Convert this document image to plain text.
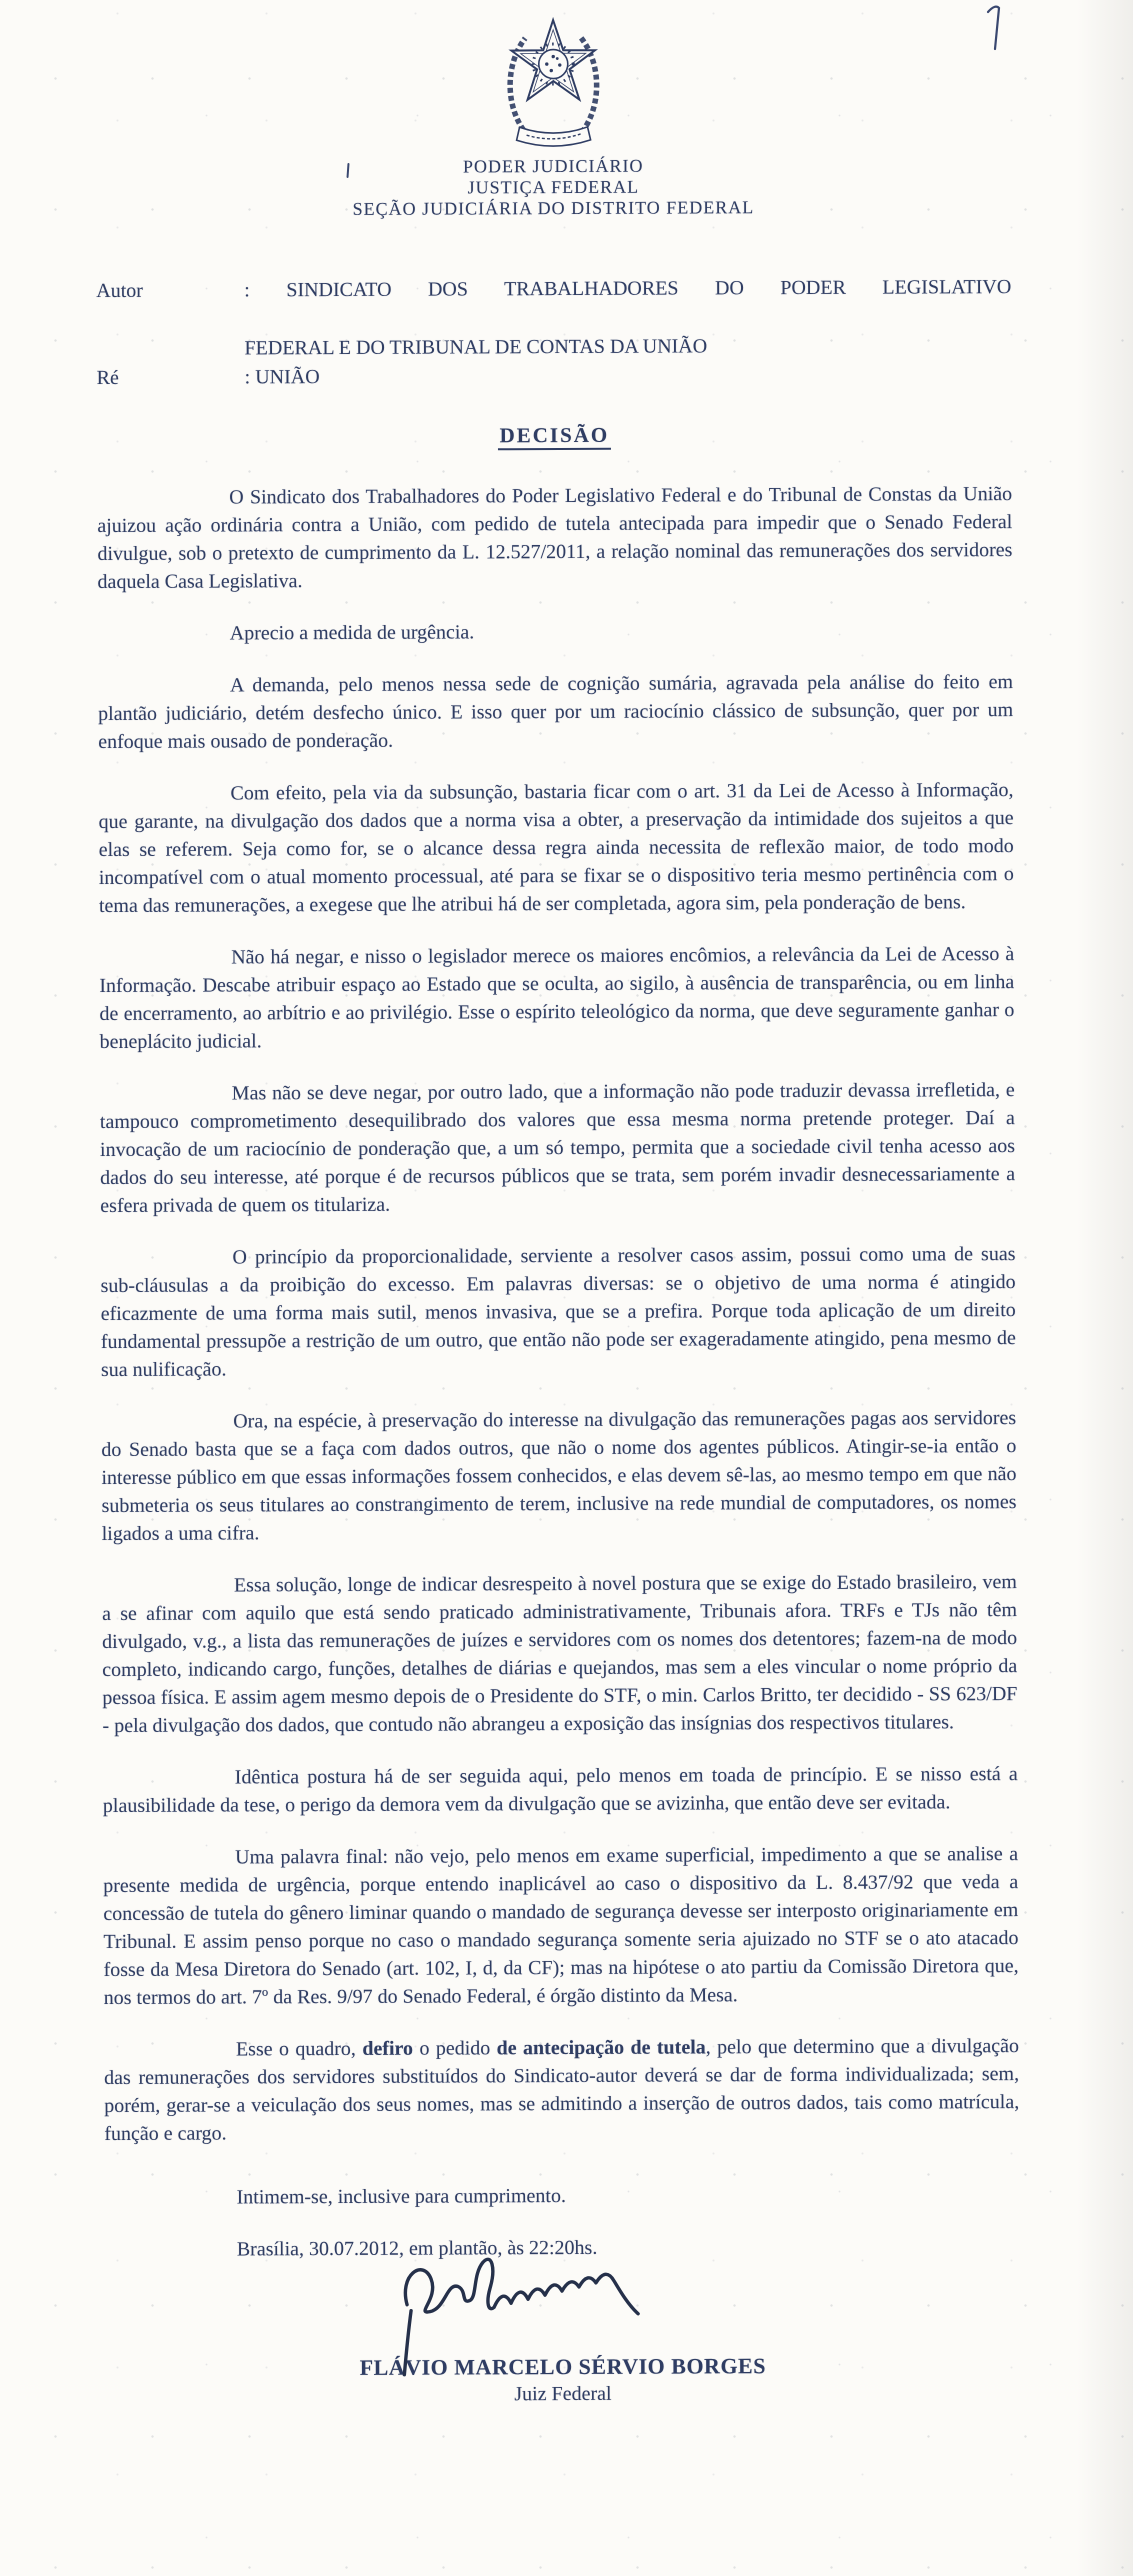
PODER JUDICIÁRIO
JUSTIÇA FEDERAL
SEÇÃO JUDICIÁRIA DO DISTRITO FEDERAL
Autor	: SINDICATO DOS TRABALHADORES DO PODER LEGISLATIVO
FEDERAL E DO TRIBUNAL DE CONTAS DA UNIÃO
Ré	: UNIÃO
DECISÃO

O Sindicato dos Trabalhadores do Poder Legislativo Federal e do Tribunal de Constas da União ajuizou ação ordinária contra a União, com pedido de tutela antecipada para impedir que o Senado Federal divulgue, sob o pretexto de cumprimento da L. 12.527/2011, a relação nominal das remunerações dos servidores daquela Casa Legislativa.

Aprecio a medida de urgência.

A demanda, pelo menos nessa sede de cognição sumária, agravada pela análise do feito em plantão judiciário, detém desfecho único. E isso quer por um raciocínio clássico de subsunção, quer por um enfoque mais ousado de ponderação.

Com efeito, pela via da subsunção, bastaria ficar com o art. 31 da Lei de Acesso à Informação, que garante, na divulgação dos dados que a norma visa a obter, a preservação da intimidade dos sujeitos a que elas se referem. Seja como for, se o alcance dessa regra ainda necessita de reflexão maior, de todo modo incompatível com o atual momento processual, até para se fixar se o dispositivo teria mesmo pertinência com o tema das remunerações, a exegese que lhe atribui há de ser completada, agora sim, pela ponderação de bens.

Não há negar, e nisso o legislador merece os maiores encômios, a relevância da Lei de Acesso à Informação. Descabe atribuir espaço ao Estado que se oculta, ao sigilo, à ausência de transparência, ou em linha de encerramento, ao arbítrio e ao privilégio. Esse o espírito teleológico da norma, que deve seguramente ganhar o beneplácito judicial.

Mas não se deve negar, por outro lado, que a informação não pode traduzir devassa irrefletida, e tampouco comprometimento desequilibrado dos valores que essa mesma norma pretende proteger. Daí a invocação de um raciocínio de ponderação que, a um só tempo, permita que a sociedade civil tenha acesso aos dados do seu interesse, até porque é de recursos públicos que se trata, sem porém invadir desnecessariamente a esfera privada de quem os titulariza.

O princípio da proporcionalidade, serviente a resolver casos assim, possui como uma de suas sub-cláusulas a da proibição do excesso. Em palavras diversas: se o objetivo de uma norma é atingido eficazmente de uma forma mais sutil, menos invasiva, que se a prefira. Porque toda aplicação de um direito fundamental pressupõe a restrição de um outro, que então não pode ser exageradamente atingido, pena mesmo de sua nulificação.

Ora, na espécie, à preservação do interesse na divulgação das remunerações pagas aos servidores do Senado basta que se a faça com dados outros, que não o nome dos agentes públicos. Atingir-se-ia então o interesse público em que essas informações fossem conhecidos, e elas devem sê-las, ao mesmo tempo em que não submeteria os seus titulares ao constrangimento de terem, inclusive na rede mundial de computadores, os nomes ligados a uma cifra.

Essa solução, longe de indicar desrespeito à novel postura que se exige do Estado brasileiro, vem a se afinar com aquilo que está sendo praticado administrativamente, Tribunais afora. TRFs e TJs não têm divulgado, v.g., a lista das remunerações de juízes e servidores com os nomes dos detentores; fazem-na de modo completo, indicando cargo, funções, detalhes de diárias e quejandos, mas sem a eles vincular o nome próprio da pessoa física. E assim agem mesmo depois de o Presidente do STF, o min. Carlos Britto, ter decidido - SS 623/DF - pela divulgação dos dados, que contudo não abrangeu a exposição das insígnias dos respectivos titulares.

Idêntica postura há de ser seguida aqui, pelo menos em toada de princípio. E se nisso está a plausibilidade da tese, o perigo da demora vem da divulgação que se avizinha, que então deve ser evitada.

Uma palavra final: não vejo, pelo menos em exame superficial, impedimento a que se analise a presente medida de urgência, porque entendo inaplicável ao caso o dispositivo da L. 8.437/92 que veda a concessão de tutela do gênero liminar quando o mandado de segurança devesse ser interposto originariamente em Tribunal. E assim penso porque no caso o mandado segurança somente seria ajuizado no STF se o ato atacado fosse da Mesa Diretora do Senado (art. 102, I, d, da CF); mas na hipótese o ato partiu da Comissão Diretora que, nos termos do art. 7º da Res. 9/97 do Senado Federal, é órgão distinto da Mesa.

Esse o quadro, defiro o pedido de antecipação de tutela, pelo que determino que a divulgação das remunerações dos servidores substituídos do Sindicato-autor deverá se dar de forma individualizada; sem, porém, gerar-se a veiculação dos seus nomes, mas se admitindo a inserção de outros dados, tais como matrícula, função e cargo.

Intimem-se, inclusive para cumprimento.

Brasília, 30.07.2012, em plantão, às 22:20hs.

FLÁVIO MARCELO SÉRVIO BORGES
Juiz Federal
